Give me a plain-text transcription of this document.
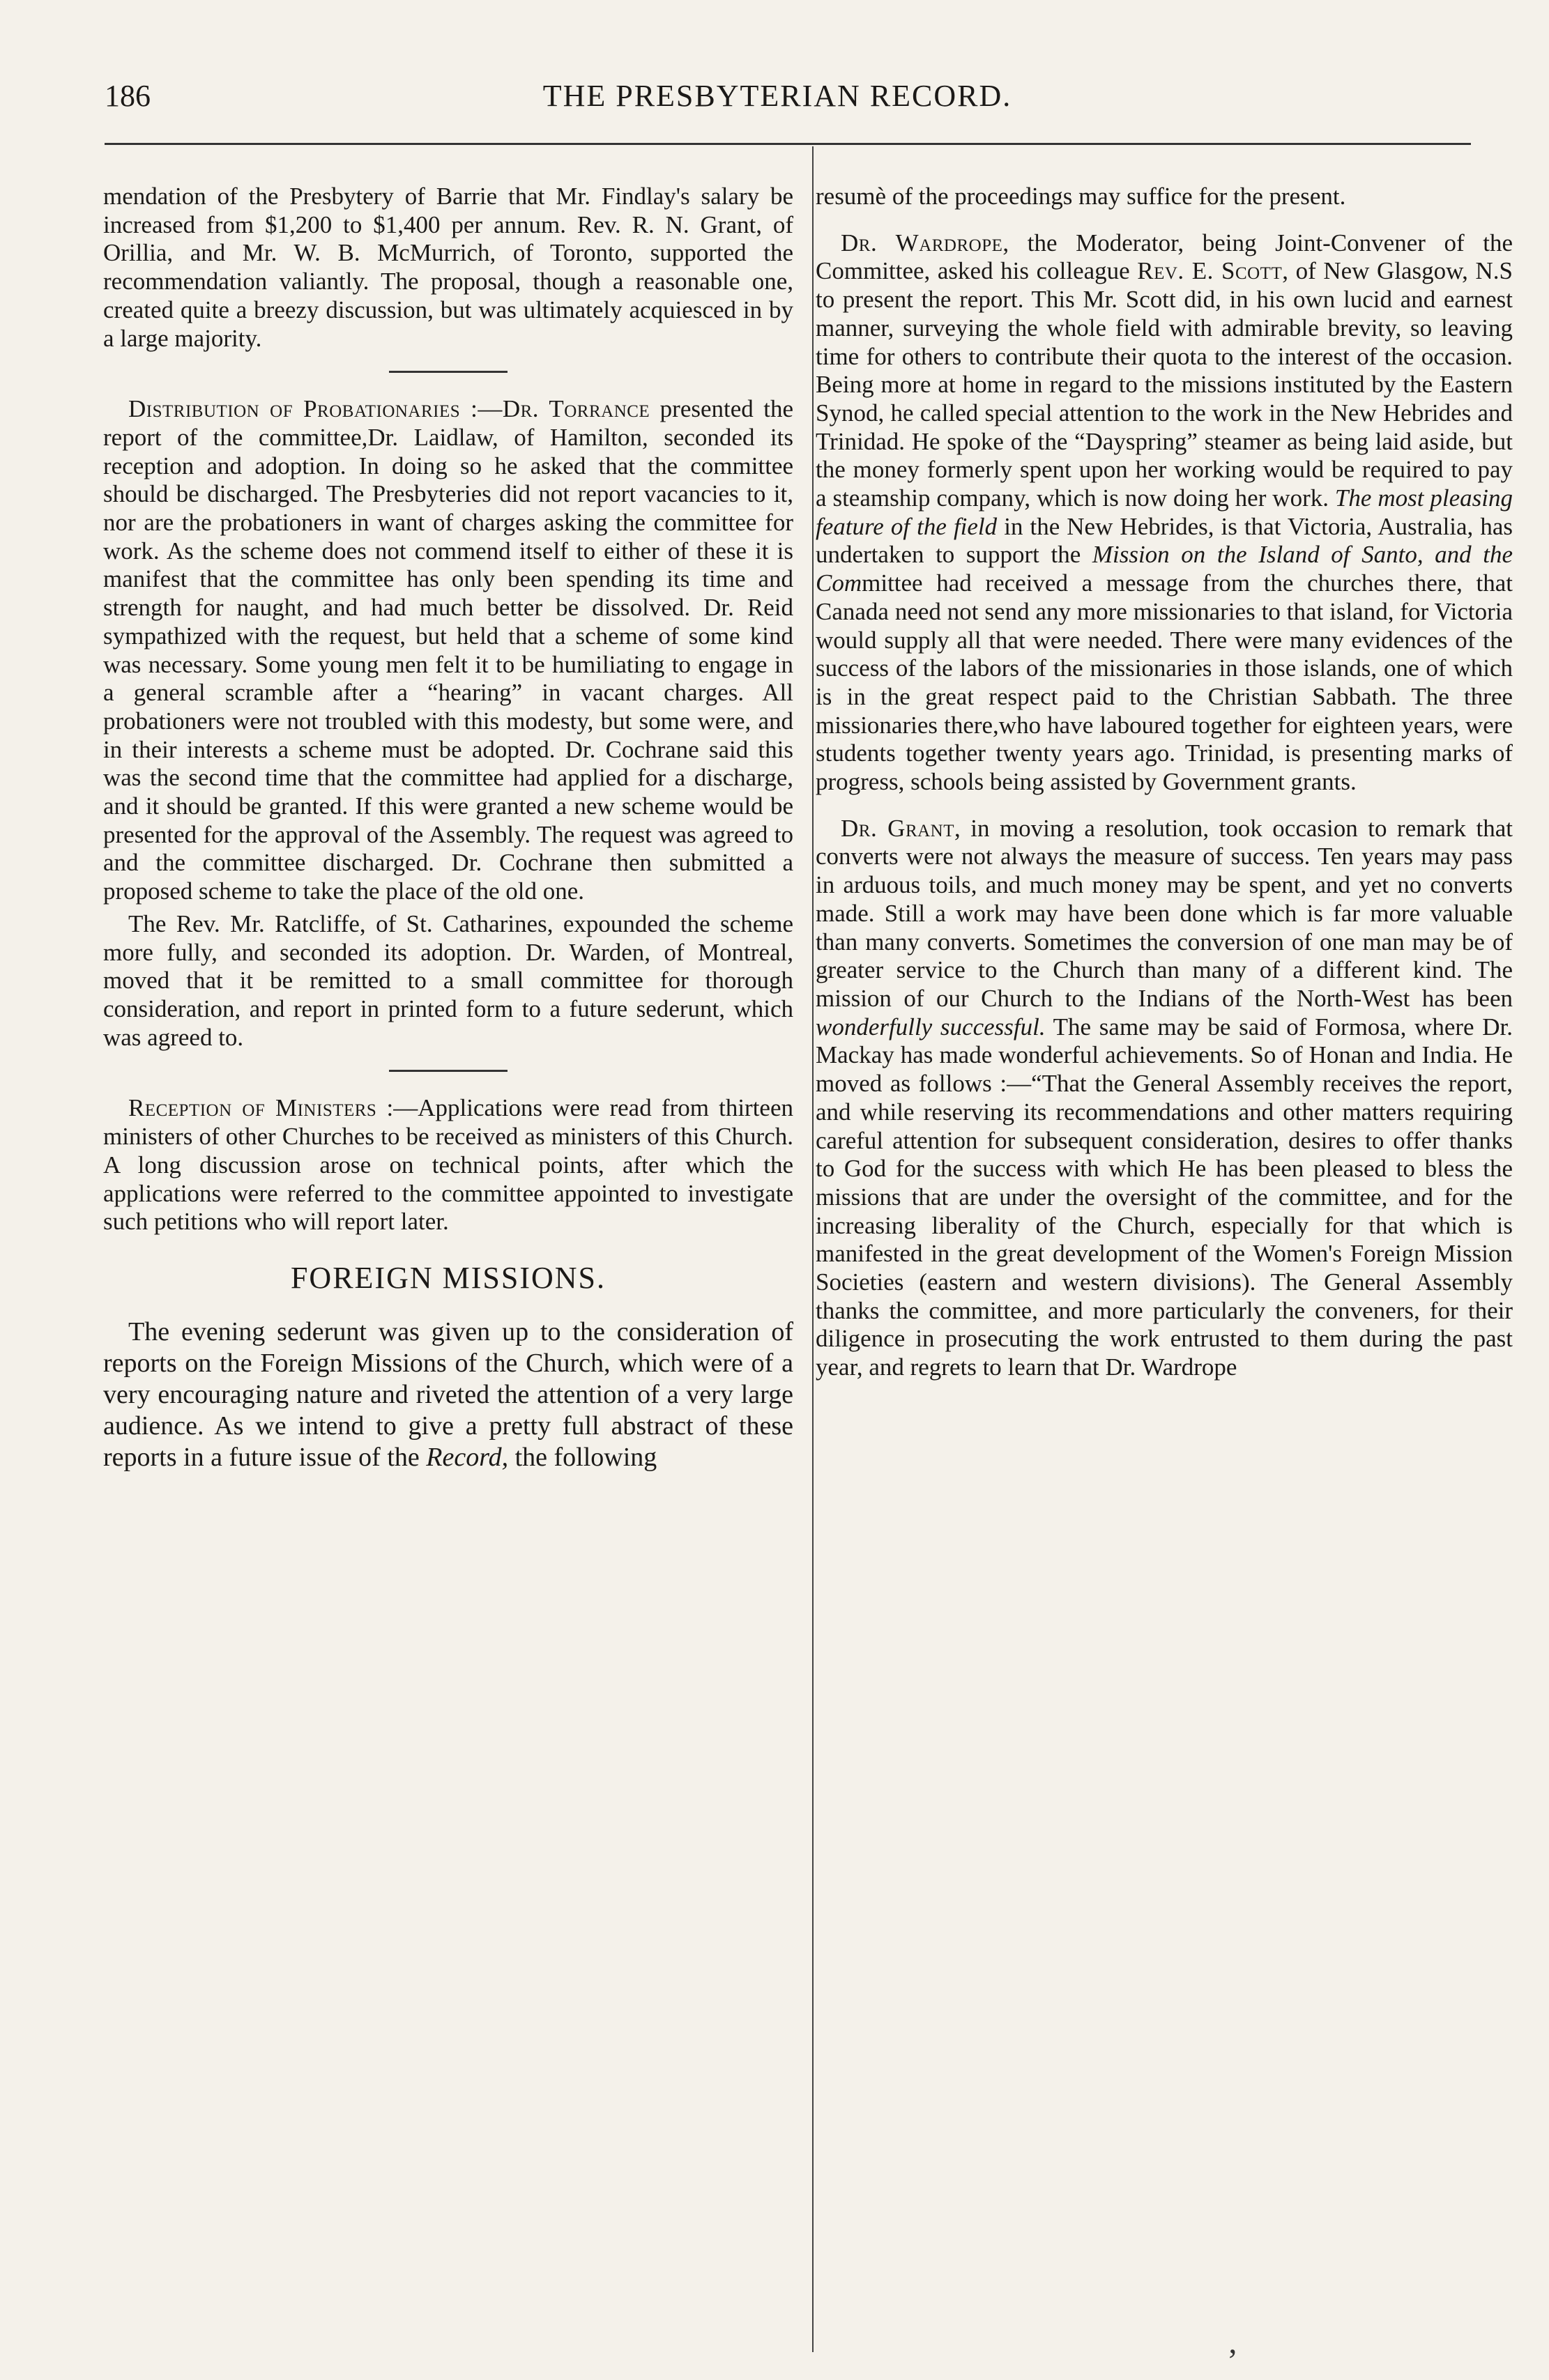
186	THE PRESBYTERIAN RECORD.

mendation of the Presbytery of Barrie that Mr. Findlay's salary be increased from $1,200 to $1,400 per annum. Rev. R. N. Grant, of Orillia, and Mr. W. B. McMurrich, of Toronto, supported the recommendation valiantly. The proposal, though a reasonable one, created quite a breezy discussion, but was ultimately acquiesced in by a large majority.

Distribution of Probationaries :—Dr. Torrance presented the report of the committee,Dr. Laidlaw, of Hamilton, seconded its reception and adoption. In doing so he asked that the committee should be discharged. The Presbyteries did not report vacancies to it, nor are the probationers in want of charges asking the committee for work. As the scheme does not commend itself to either of these it is manifest that the committee has only been spending its time and strength for naught, and had much better be dissolved. Dr. Reid sympathized with the request, but held that a scheme of some kind was necessary. Some young men felt it to be humiliating to engage in a general scramble after a “hearing” in vacant charges. All probationers were not troubled with this modesty, but some were, and in their interests a scheme must be adopted. Dr. Cochrane said this was the second time that the committee had applied for a discharge, and it should be granted. If this were granted a new scheme would be presented for the approval of the Assembly. The request was agreed to and the committee discharged. Dr. Cochrane then submitted a proposed scheme to take the place of the old one.

The Rev. Mr. Ratcliffe, of St. Catharines, expounded the scheme more fully, and seconded its adoption. Dr. Warden, of Montreal, moved that it be remitted to a small committee for thorough consideration, and report in printed form to a future sederunt, which was agreed to.

Reception of Ministers :—Applications were read from thirteen ministers of other Churches to be received as ministers of this Church. A long discussion arose on technical points, after which the applications were referred to the committee appointed to investigate such petitions who will report later.

FOREIGN MISSIONS.

The evening sederunt was given up to the consideration of reports on the Foreign Missions of the Church, which were of a very encouraging nature and riveted the attention of a very large audience. As we intend to give a pretty full abstract of these reports in a future issue of the Record, the following

resumè of the proceedings may suffice for the present.

Dr. Wardrope, the Moderator, being Joint-Convener of the Committee, asked his colleague Rev. E. Scott, of New Glasgow, N.S to present the report. This Mr. Scott did, in his own lucid and earnest manner, surveying the whole field with admirable brevity, so leaving time for others to contribute their quota to the interest of the occasion. Being more at home in regard to the missions instituted by the Eastern Synod, he called special attention to the work in the New Hebrides and Trinidad. He spoke of the “Dayspring” steamer as being laid aside, but the money formerly spent upon her working would be required to pay a steamship company, which is now doing her work. The most pleasing feature of the field in the New Hebrides, is that Victoria, Australia, has undertaken to support the Mission on the Island of Santo, and the Committee had received a message from the churches there, that Canada need not send any more missionaries to that island, for Victoria would supply all that were needed. There were many evidences of the success of the labors of the missionaries in those islands, one of which is in the great respect paid to the Christian Sabbath. The three missionaries there,who have laboured together for eighteen years, were students together twenty years ago. Trinidad, is presenting marks of progress, schools being assisted by Government grants.

Dr. Grant, in moving a resolution, took occasion to remark that converts were not always the measure of success. Ten years may pass in arduous toils, and much money may be spent, and yet no converts made. Still a work may have been done which is far more valuable than many converts. Sometimes the conversion of one man may be of greater service to the Church than many of a different kind. The mission of our Church to the Indians of the North-West has been wonderfully successful. The same may be said of Formosa, where Dr. Mackay has made wonderful achievements. So of Honan and India. He moved as follows :—“That the General Assembly receives the report, and while reserving its recommendations and other matters requiring careful attention for subsequent consideration, desires to offer thanks to God for the success with which He has been pleased to bless the missions that are under the oversight of the committee, and for the increasing liberality of the Church, especially for that which is manifested in the great development of the Women's Foreign Mission Societies (eastern and western divisions). The General Assembly thanks the committee, and more particularly the conveners, for their diligence in prosecuting the work entrusted to them during the past year, and regrets to learn that Dr. Wardrope

’
